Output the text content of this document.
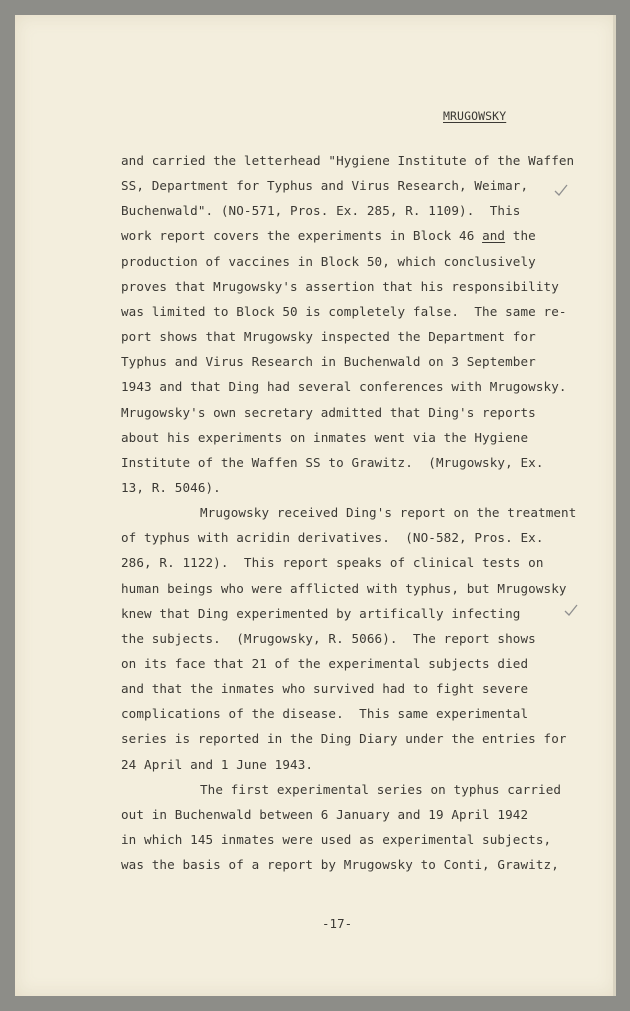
MRUGOWSKY
and carried the letterhead "Hygiene Institute of the Waffen
SS, Department for Typhus and Virus Research, Weimar,
Buchenwald". (NO-571, Pros. Ex. 285, R. 1109).  This
work report covers the experiments in Block 46 and the
production of vaccines in Block 50, which conclusively
proves that Mrugowsky's assertion that his responsibility
was limited to Block 50 is completely false.  The same re-
port shows that Mrugowsky inspected the Department for
Typhus and Virus Research in Buchenwald on 3 September
1943 and that Ding had several conferences with Mrugowsky.
Mrugowsky's own secretary admitted that Ding's reports
about his experiments on inmates went via the Hygiene
Institute of the Waffen SS to Grawitz.  (Mrugowsky, Ex.
13, R. 5046).
Mrugowsky received Ding's report on the treatment
of typhus with acridin derivatives.  (NO-582, Pros. Ex.
286, R. 1122).  This report speaks of clinical tests on
human beings who were afflicted with typhus, but Mrugowsky
knew that Ding experimented by artifically infecting
the subjects.  (Mrugowsky, R. 5066).  The report shows
on its face that 21 of the experimental subjects died
and that the inmates who survived had to fight severe
complications of the disease.  This same experimental
series is reported in the Ding Diary under the entries for
24 April and 1 June 1943.
The first experimental series on typhus carried
out in Buchenwald between 6 January and 19 April 1942
in which 145 inmates were used as experimental subjects,
was the basis of a report by Mrugowsky to Conti, Grawitz,
-17-
